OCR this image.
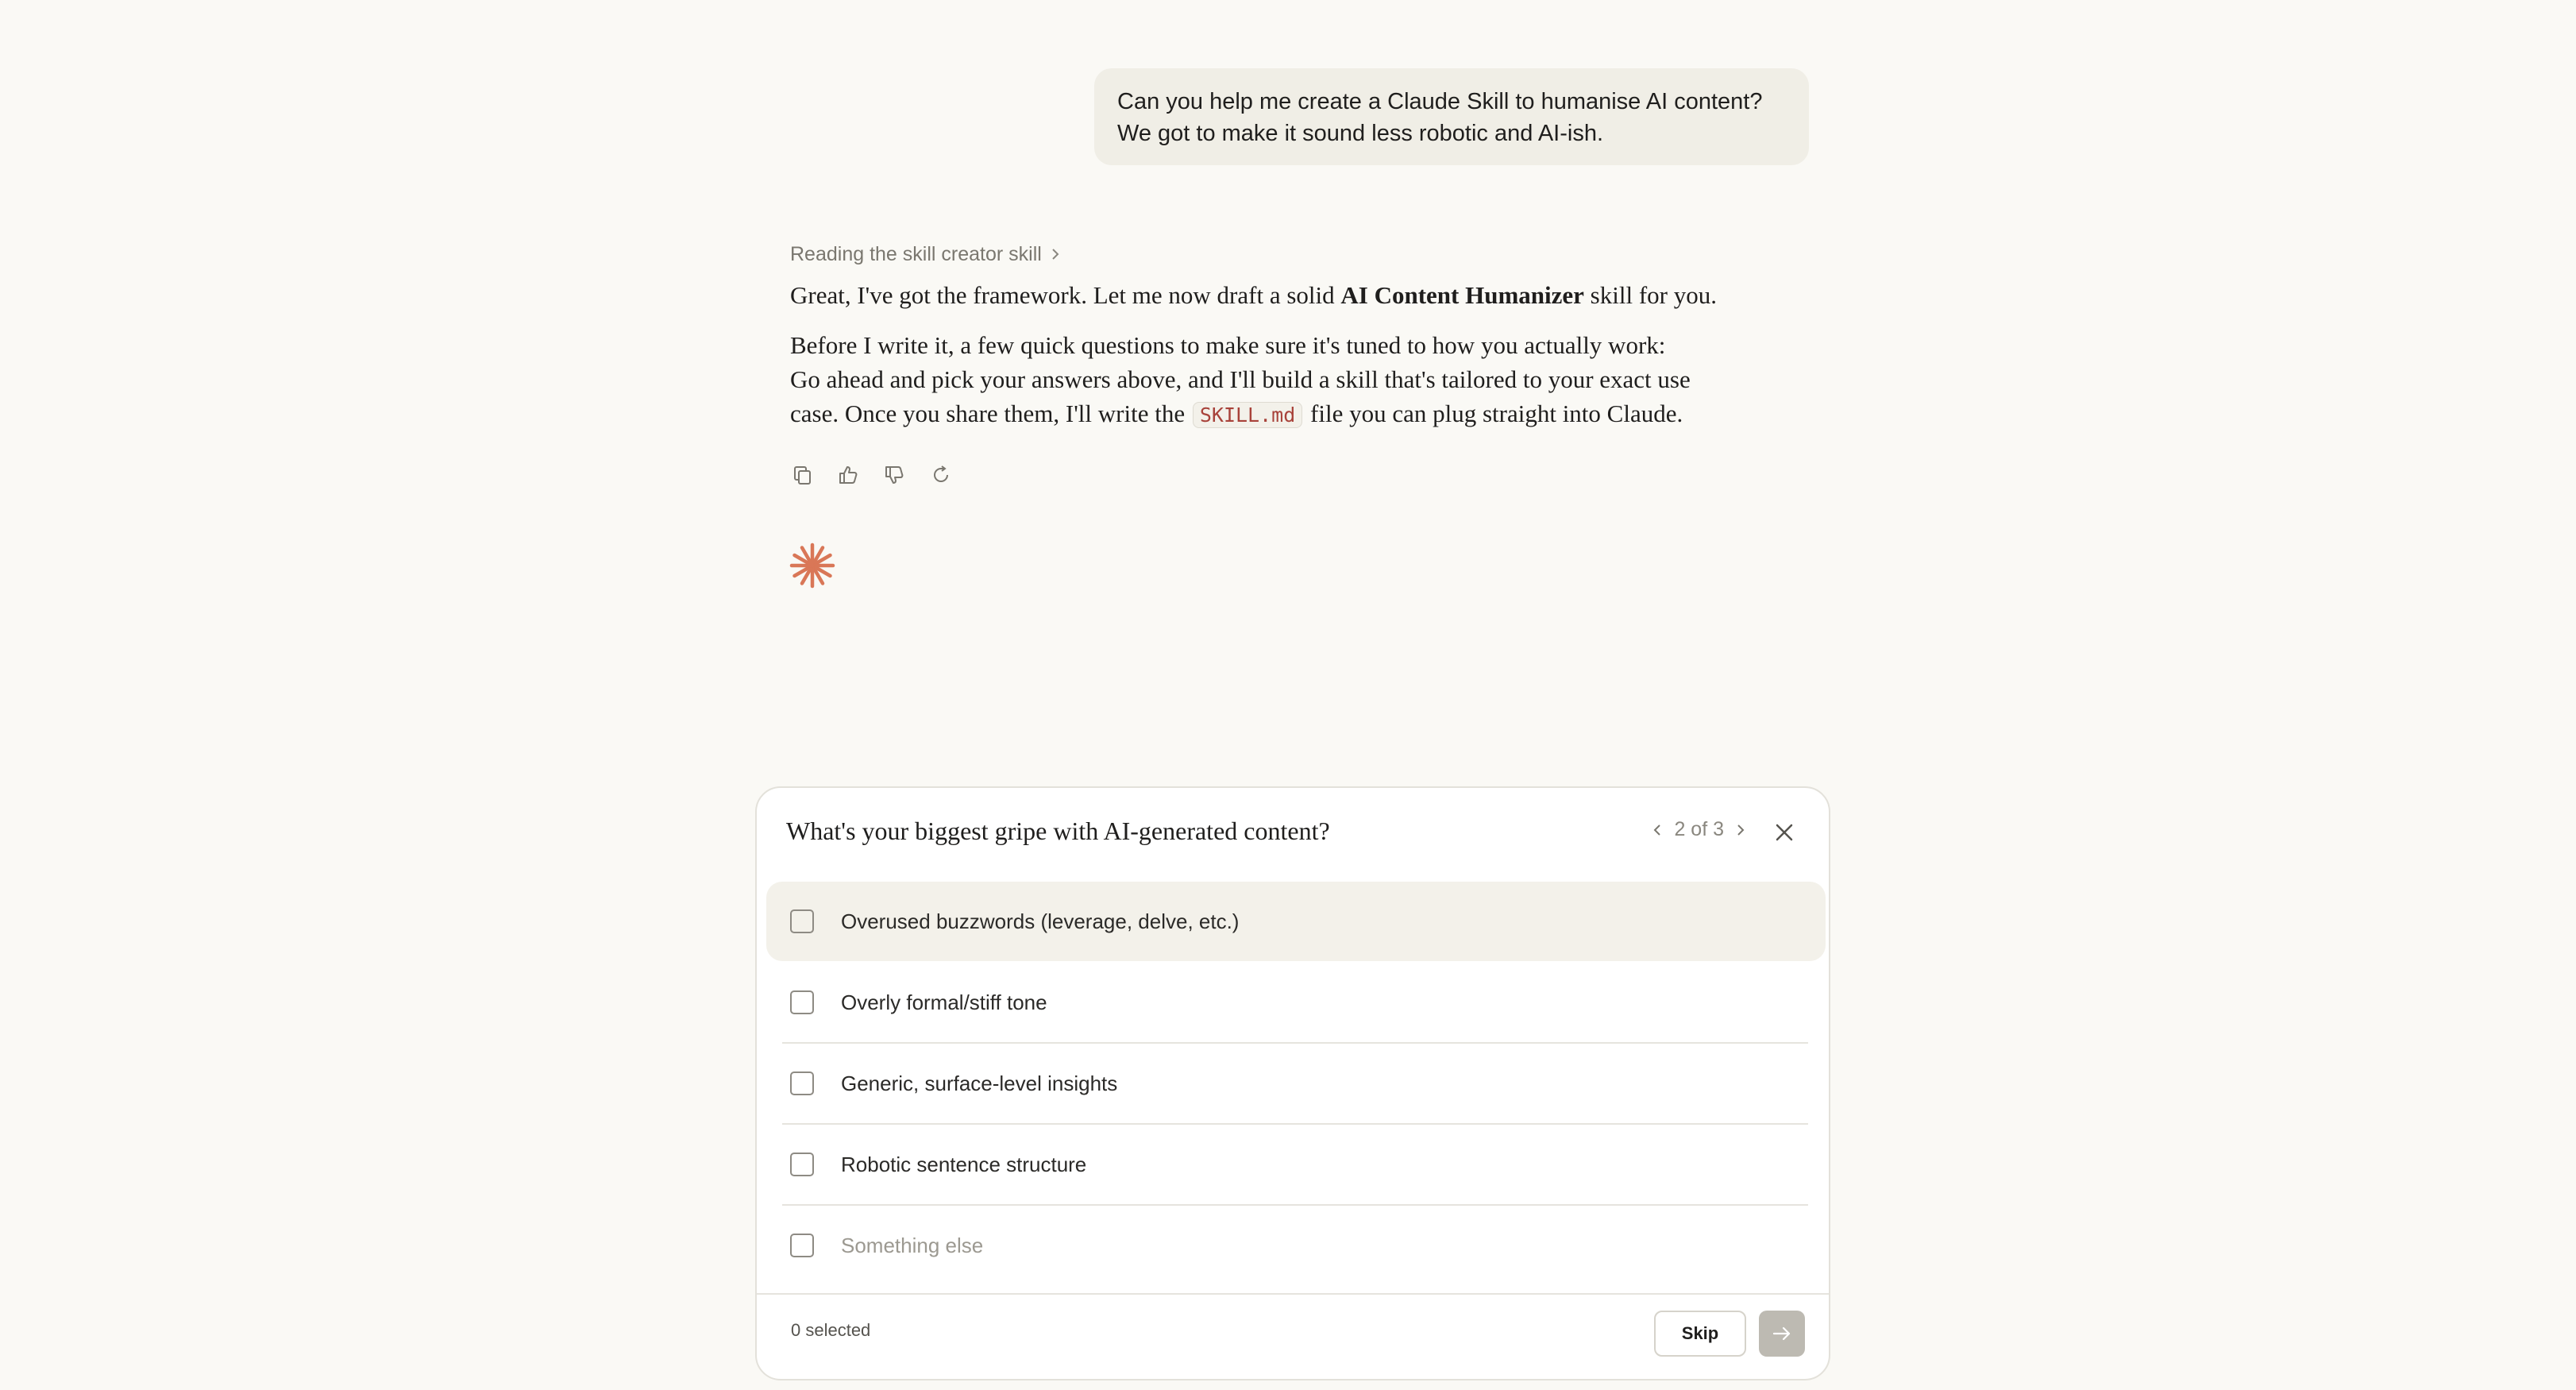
Can you help me create a Claude Skill to humanise AI content?
We got to make it sound less robotic and AI-ish.
Reading the skill creator skill

Great, I've got the framework. Let me now draft a solid AI Content Humanizer skill for you.

Before I write it, a few quick questions to make sure it's tuned to how you actually work:
Go ahead and pick your answers above, and I'll build a skill that's tailored to your exact use
case. Once you share them, I'll write the SKILL.md file you can plug straight into Claude.

What's your biggest gripe with AI-generated content?	2 of 3
Overused buzzwords (leverage, delve, etc.)
Overly formal/stiff tone
Generic, surface-level insights
Robotic sentence structure
Something else
0 selected	Skip
